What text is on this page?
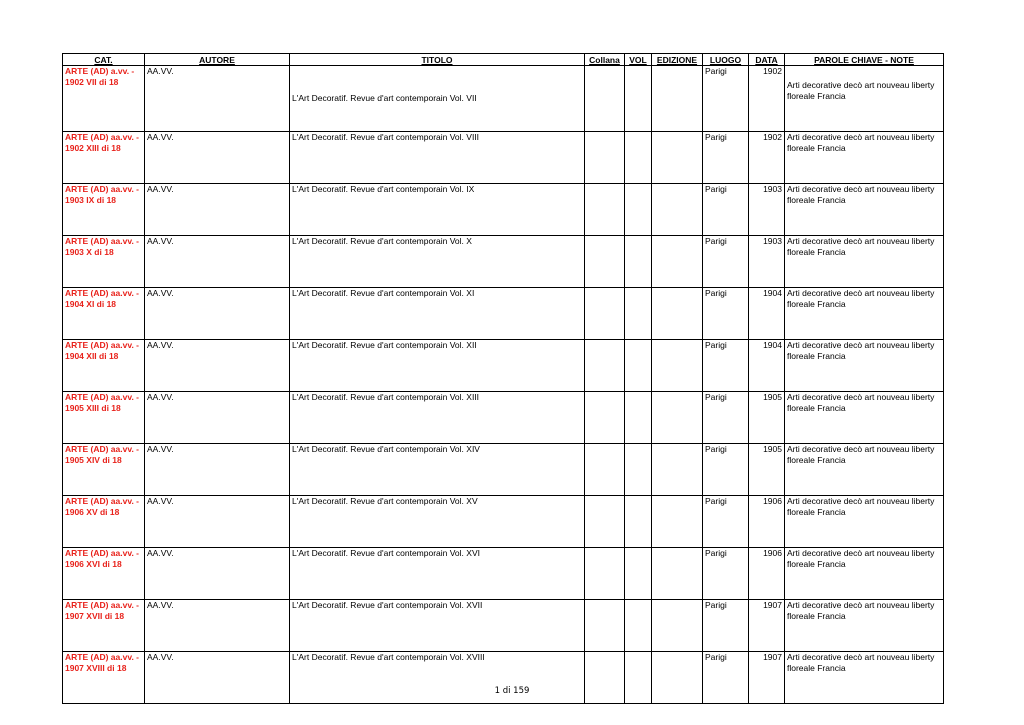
CAT.	AUTORE	TITOLO	Collana	VOL	EDIZIONE	LUOGO	DATA	PAROLE CHIAVE - NOTE
ARTE (AD) a.vv. - 1902 VII di 18	AA.VV.	L'Art Decoratif. Revue d'art contemporain Vol. VII				Parigi	1902	Arti decorative decò art nouveau liberty floreale Francia
ARTE (AD) aa.vv. - 1902 XIII di 18	AA.VV.	L'Art Decoratif. Revue d'art contemporain Vol. VIII				Parigi	1902	Arti decorative decò art nouveau liberty floreale Francia
ARTE (AD) aa.vv. - 1903 IX di 18	AA.VV.	L'Art Decoratif. Revue d'art contemporain Vol. IX				Parigi	1903	Arti decorative decò art nouveau liberty floreale Francia
ARTE (AD) aa.vv. - 1903 X di 18	AA.VV.	L'Art Decoratif. Revue d'art contemporain Vol. X				Parigi	1903	Arti decorative decò art nouveau liberty floreale Francia
ARTE (AD) aa.vv. - 1904 XI di 18	AA.VV.	L'Art Decoratif. Revue d'art contemporain Vol. XI				Parigi	1904	Arti decorative decò art nouveau liberty floreale Francia
ARTE (AD) aa.vv. - 1904 XII di 18	AA.VV.	L'Art Decoratif. Revue d'art contemporain Vol. XII				Parigi	1904	Arti decorative decò art nouveau liberty floreale Francia
ARTE (AD) aa.vv. - 1905 XIII di 18	AA.VV.	L'Art Decoratif. Revue d'art contemporain Vol. XIII				Parigi	1905	Arti decorative decò art nouveau liberty floreale Francia
ARTE (AD) aa.vv. - 1905 XIV di 18	AA.VV.	L'Art Decoratif. Revue d'art contemporain Vol. XIV				Parigi	1905	Arti decorative decò art nouveau liberty floreale Francia
ARTE (AD) aa.vv. - 1906 XV di 18	AA.VV.	L'Art Decoratif. Revue d'art contemporain Vol. XV				Parigi	1906	Arti decorative decò art nouveau liberty floreale Francia
ARTE (AD) aa.vv. - 1906 XVI di 18	AA.VV.	L'Art Decoratif. Revue d'art contemporain Vol. XVI				Parigi	1906	Arti decorative decò art nouveau liberty floreale Francia
ARTE (AD) aa.vv. - 1907 XVII di 18	AA.VV.	L'Art Decoratif. Revue d'art contemporain Vol. XVII				Parigi	1907	Arti decorative decò art nouveau liberty floreale Francia
ARTE (AD) aa.vv. - 1907 XVIII di 18	AA.VV.	L'Art Decoratif. Revue d'art contemporain Vol. XVIII				Parigi	1907	Arti decorative decò art nouveau liberty floreale Francia
1 di 159
